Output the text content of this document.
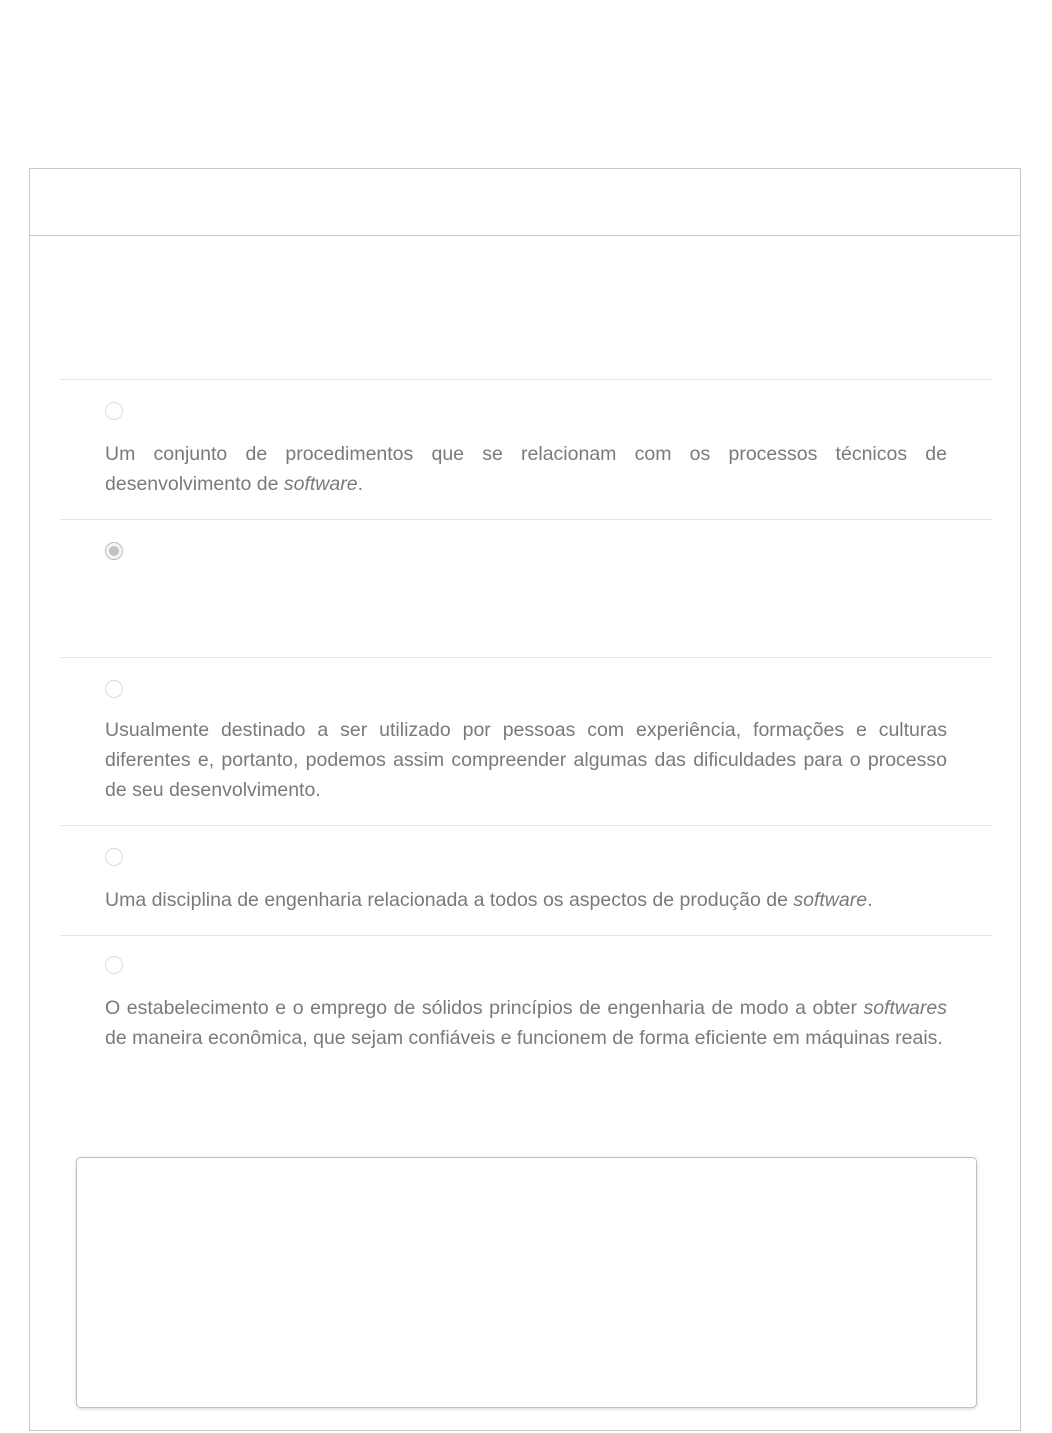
Um conjunto de procedimentos que se relacionam com os processos técnicos de desenvolvimento de software.

Usualmente destinado a ser utilizado por pessoas com experiência, formações e culturas diferentes e, portanto, podemos assim compreender algumas das dificuldades para o processo de seu desenvolvimento.

Uma disciplina de engenharia relacionada a todos os aspectos de produção de software.

O estabelecimento e o emprego de sólidos princípios de engenharia de modo a obter softwares de maneira econômica, que sejam confiáveis e funcionem de forma eficiente em máquinas reais.
